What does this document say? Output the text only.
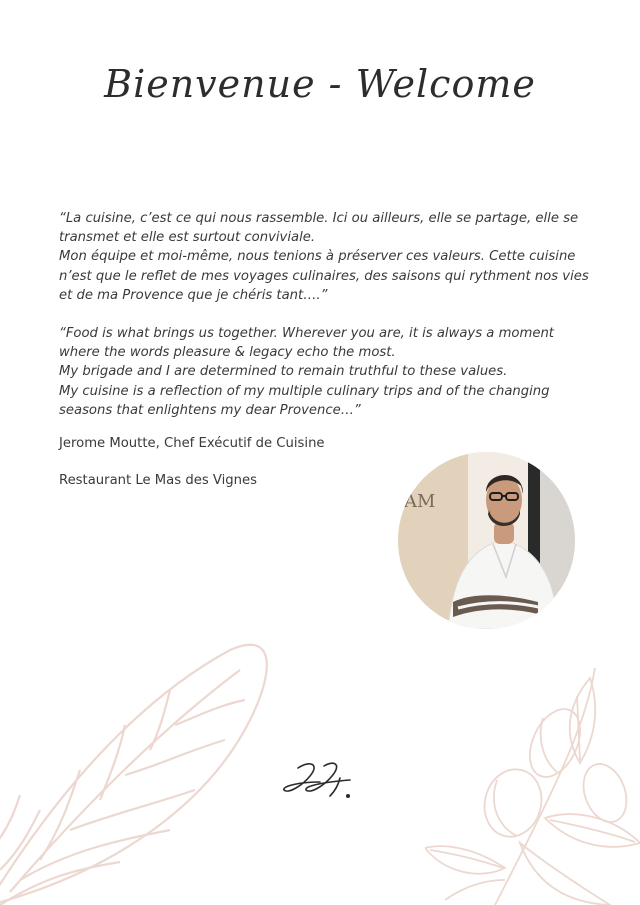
Bienvenue - Welcome

“La cuisine, c’est ce qui nous rassemble. Ici ou ailleurs, elle se partage, elle se transmet et elle est surtout conviviale.

Mon équipe et moi-même, nous tenions à préserver ces valeurs. Cette cuisine n’est que le reflet de mes voyages culinaires, des saisons qui rythment nos vies et de ma Provence que je chéris tant….”

“Food is what brings us together. Wherever you are, it is always a moment where the words pleasure & legacy echo the most.

My brigade and I are determined to remain truthful to these values.

My cuisine is a reflection of my multiple culinary trips and of the changing seasons that enlightens my dear Provence…”

Jerome Moutte, Chef Exécutif de Cuisine

Restaurant Le Mas des Vignes

AM
